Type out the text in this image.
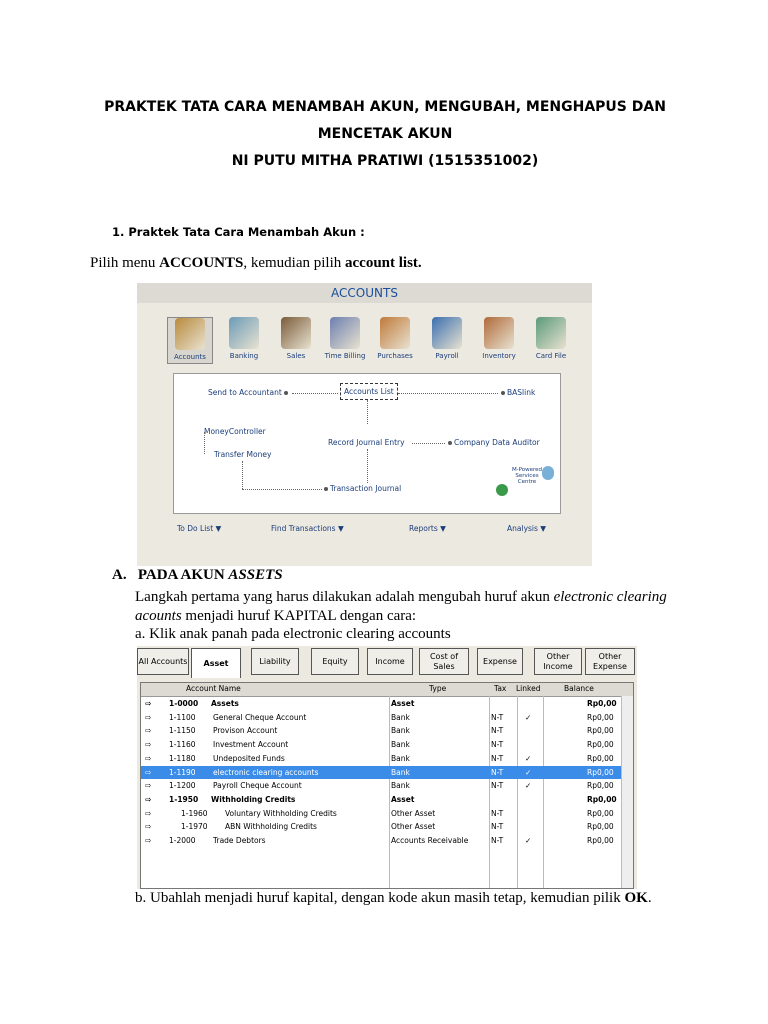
PRAKTEK TATA CARA MENAMBAH AKUN, MENGUBAH, MENGHAPUS DAN
MENCETAK AKUN
NI PUTU MITHA PRATIWI (1515351002)
1. Praktek Tata Cara Menambah Akun :
Pilih menu ACCOUNTS, kemudian pilih account list.
ACCOUNTS
Accounts	Banking	Sales	Time Billing	Purchases	Payroll	Inventory	Card File
Send to Accountant	Accounts List	BASlink
MoneyController
Transfer Money
Record Journal Entry	Company Data Auditor
Transaction Journal
M-Powered Services Centre
To Do List ▼	Find Transactions ▼	Reports ▼	Analysis ▼
A. PADA AKUN ASSETS
Langkah pertama yang harus dilakukan adalah mengubah huruf akun electronic clearing acounts menjadi huruf KAPITAL dengan cara:
a. Klik anak panah pada electronic clearing accounts
All Accounts	Asset	Liability	Equity	Income
Cost of Sales
Expense
Other Income
Other Expense
Account Name	Type	Tax Linked	Balance
⇨ 1-0000 Assets	Asset	Rp0,00
⇨ 1-1100 General Cheque Account	Bank	N-T	✓	Rp0,00
⇨ 1-1150 Provison Account	Bank	N-T	Rp0,00
⇨ 1-1160 Investment Account	Bank	N-T	Rp0,00
⇨ 1-1180 Undeposited Funds	Bank	N-T	✓	Rp0,00
⇨ 1-1190 electronic clearing accounts	Bank	N-T	✓	Rp0,00
⇨ 1-1200 Payroll Cheque Account	Bank	N-T	✓	Rp0,00
⇨ 1-1950 Withholding Credits	Asset	Rp0,00
⇨	1-1960 Voluntary Withholding Credits	Other Asset	N-T	Rp0,00
⇨	1-1970 ABN Withholding Credits	Other Asset	N-T	Rp0,00
⇨ 1-2000 Trade Debtors	Accounts Receivable	N-T	✓	Rp0,00
b. Ubahlah menjadi huruf kapital, dengan kode akun masih tetap, kemudian pilik OK.
